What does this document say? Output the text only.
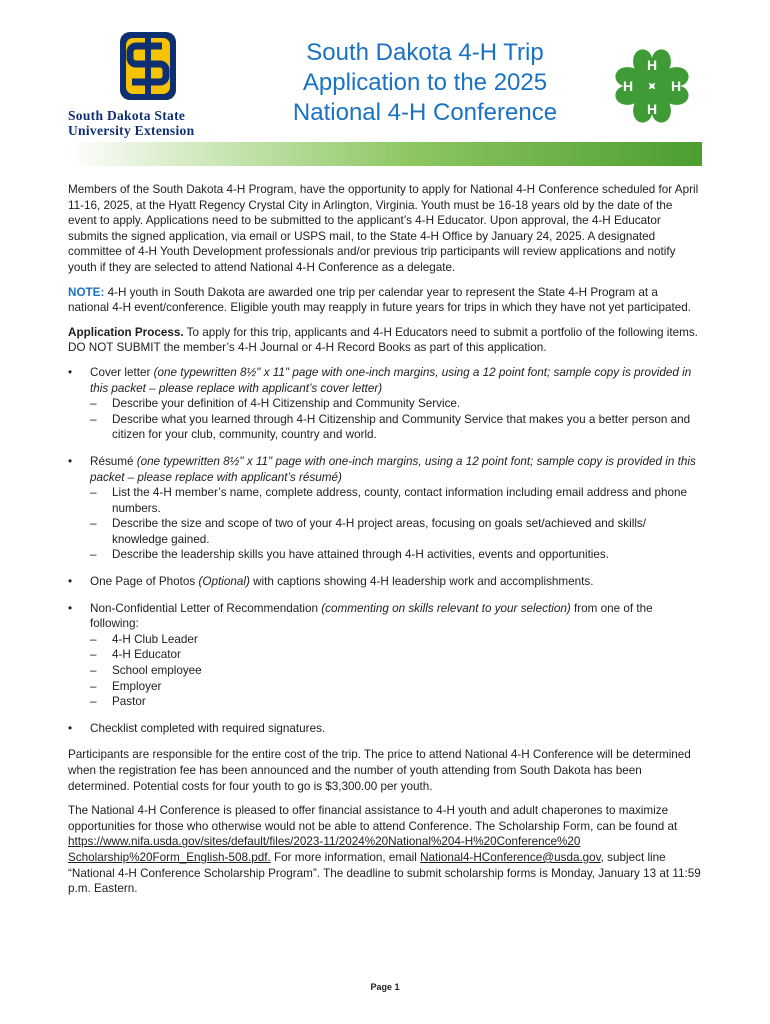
South Dakota State
University Extension
South Dakota 4-H Trip
Application to the 2025
National 4-H Conference
H
H
H
H

Members of the South Dakota 4-H Program, have the opportunity to apply for National 4-H Conference scheduled for April 11-16, 2025, at the Hyatt Regency Crystal City in Arlington, Virginia. Youth must be 16-18 years old by the date of the event to apply. Applications need to be submitted to the applicant’s 4-H Educator. Upon approval, the 4-H Educator submits the signed application, via email or USPS mail, to the State 4-H Office by January 24, 2025. A designated committee of 4-H Youth Development professionals and/or previous trip participants will review applications and notify youth if they are selected to attend National 4-H Conference as a delegate.

NOTE: 4-H youth in South Dakota are awarded one trip per calendar year to represent the State 4-H Program at a national 4-H event/conference. Eligible youth may reapply in future years for trips in which they have not yet participated.

Application Process. To apply for this trip, applicants and 4-H Educators need to submit a portfolio of the following items. DO NOT SUBMIT the member’s 4-H Journal or 4-H Record Books as part of this application.

• Cover letter (one typewritten 8½" x 11" page with one-inch margins, using a 12 point font; sample copy is provided in this packet – please replace with applicant’s cover letter)
– Describe your definition of 4-H Citizenship and Community Service.
– Describe what you learned through 4-H Citizenship and Community Service that makes you a better person and citizen for your club, community, country and world.
• Résumé (one typewritten 8½" x 11" page with one-inch margins, using a 12 point font; sample copy is provided in this packet – please replace with applicant’s résumé)
– List the 4-H member’s name, complete address, county, contact information including email address and phone numbers.
– Describe the size and scope of two of your 4-H project areas, focusing on goals set/achieved and skills/ knowledge gained.
– Describe the leadership skills you have attained through 4-H activities, events and opportunities.
• One Page of Photos (Optional) with captions showing 4-H leadership work and accomplishments.
• Non-Confidential Letter of Recommendation (commenting on skills relevant to your selection) from one of the following:
– 4-H Club Leader
– 4-H Educator
– School employee
– Employer
– Pastor
• Checklist completed with required signatures.

Participants are responsible for the entire cost of the trip. The price to attend National 4-H Conference will be determined when the registration fee has been announced and the number of youth attending from South Dakota has been determined. Potential costs for four youth to go is $3,300.00 per youth.

The National 4-H Conference is pleased to offer financial assistance to 4-H youth and adult chaperones to maximize opportunities for those who otherwise would not be able to attend Conference. The Scholarship Form, can be found at https://www.nifa.usda.gov/sites/default/files/2023-11/2024%20National%204-H%20Conference%20 Scholarship%20Form_English-508.pdf. For more information, email National4-HConference@usda.gov, subject line “National 4-H Conference Scholarship Program”. The deadline to submit scholarship forms is Monday, January 13 at 11:59 p.m. Eastern.

Page 1
